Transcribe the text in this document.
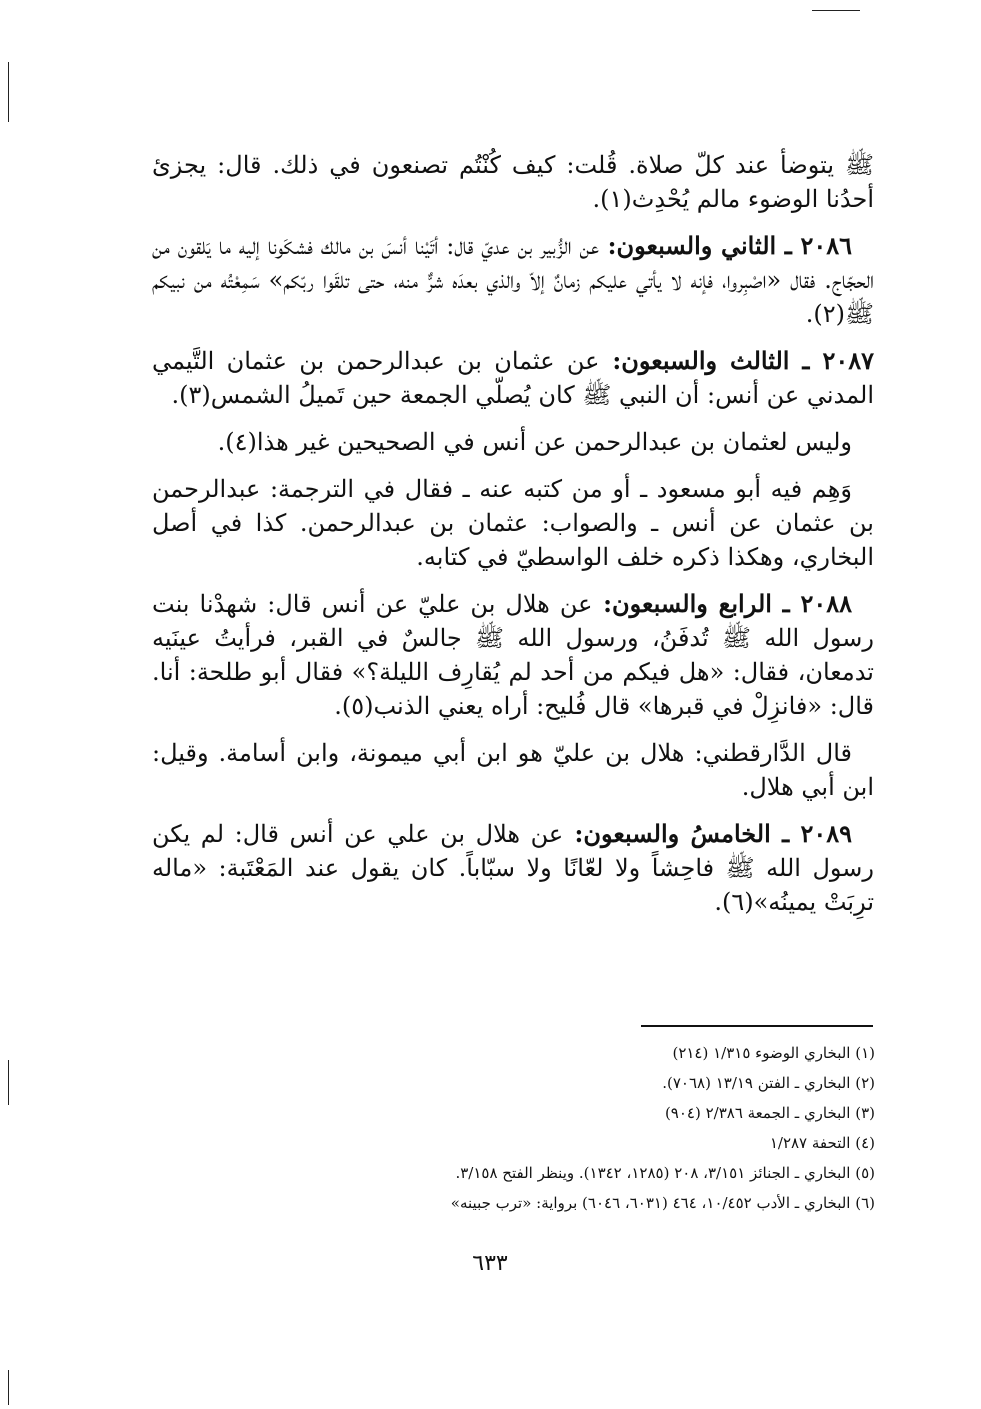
ﷺ يتوضأ عند كلّ صلاة. قُلت: كيف كُنْتُم تصنعون في ذلك. قال: يجزئ أحدُنا الوضوء مالم يُحْدِث(١).

٢٠٨٦ ـ الثاني والسبعون: عن الزُّبير بن عديّ قال: أتَيْنا أنسَ بن مالك فشكَونا إليه ما يَلقون من الحجّاج. فقال «اصْبِروا، فإنه لا يأتي عليكم زمانٌ إلاّ والذي بعدَه شرٌّ منه، حتى تلقَوا ربّكم» سَمِعْتُه من نبيكم ﷺ(٢).

٢٠٨٧ ـ الثالث والسبعون: عن عثمان بن عبدالرحمن بن عثمان التَّيمي المدني عن أنس: أن النبي ﷺ كان يُصلّي الجمعة حين تَميلُ الشمس(٣).

وليس لعثمان بن عبدالرحمن عن أنس في الصحيحين غير هذا(٤).

وَهِم فيه أبو مسعود ـ أو من كتبه عنه ـ فقال في الترجمة: عبدالرحمن بن عثمان عن أنس ـ والصواب: عثمان بن عبدالرحمن. كذا في أصل البخاري، وهكذا ذكره خلف الواسطيّ في كتابه.

٢٠٨٨ ـ الرابع والسبعون: عن هلال بن عليّ عن أنس قال: شهدْنا بنت رسول الله ﷺ تُدفَنُ، ورسول الله ﷺ جالسٌ في القبر، فرأيتُ عينَيه تدمعان، فقال: «هل فيكم من أحد لم يُقارِف الليلة؟» فقال أبو طلحة: أنا. قال: «فانزِلْ في قبرها» قال فُليح: أراه يعني الذنب(٥).

قال الدَّارقطني: هلال بن عليّ هو ابن أبي ميمونة، وابن أسامة. وقيل: ابن أبي هلال.

٢٠٨٩ ـ الخامسُ والسبعون: عن هلال بن علي عن أنس قال: لم يكن رسول الله ﷺ فاحِشاً ولا لعّانًا ولا سبّاباً. كان يقول عند المَعْتَبة: «ماله ترِبَتْ يمينُه»(٦).

(١) البخاري الوضوء ١/٣١٥ (٢١٤)

(٢) البخاري ـ الفتن ١٣/١٩ (٧٠٦٨).

(٣) البخاري ـ الجمعة ٢/٣٨٦ (٩٠٤)

(٤) التحفة ١/٢٨٧

(٥) البخاري ـ الجنائز ٣/١٥١، ٢٠٨ (١٢٨٥، ١٣٤٢). وينظر الفتح ٣/١٥٨.

(٦) البخاري ـ الأدب ١٠/٤٥٢، ٤٦٤ (٦٠٣١، ٦٠٤٦) برواية: «ترب جبينه»

٦٣٣
